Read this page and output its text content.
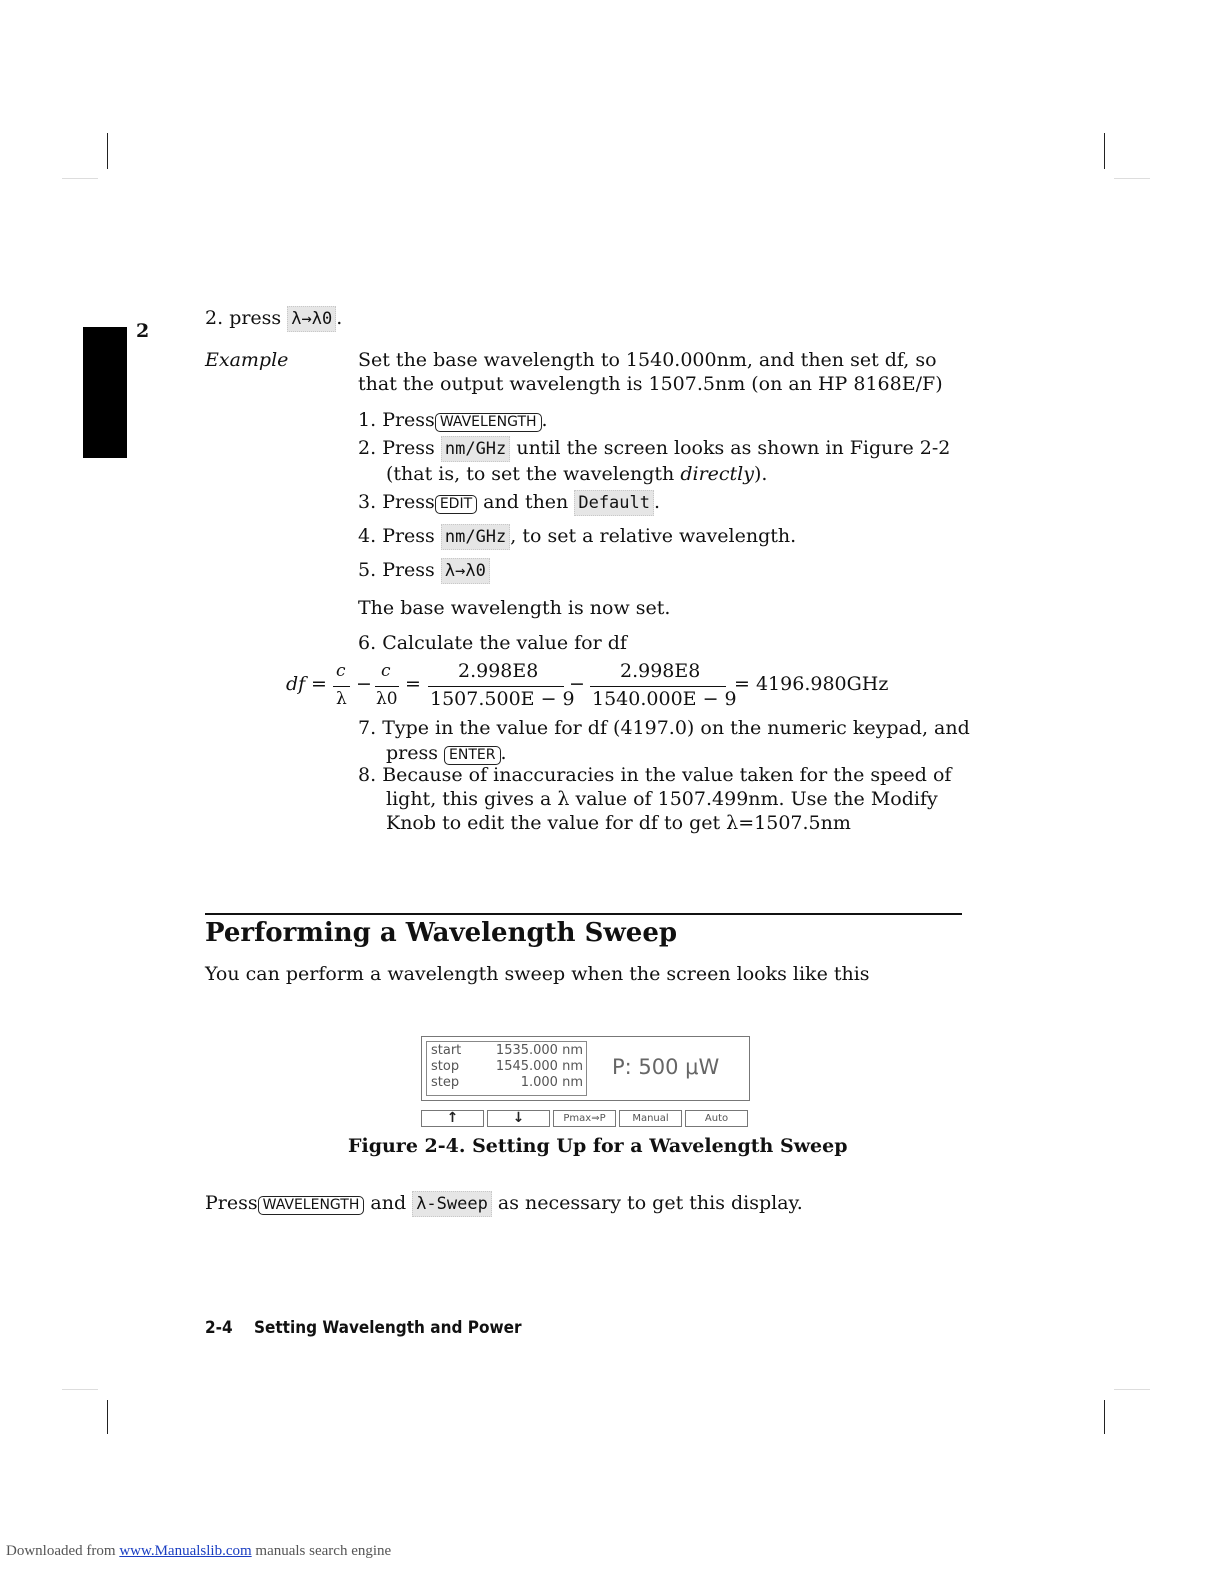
2
2. press λ→λ0 .
Example	Set the base wavelength to 1540.000nm, and then set df, so
that the output wavelength is 1507.5nm (on an HP 8168E/F)
1. Press WAVELENGTH .
2. Press nm/GHz until the screen looks as shown in Figure 2-2
(that is, to set the wavelength directly).
3. Press EDIT and then Default .
4. Press nm/GHz , to set a relative wavelength.
5. Press λ→λ0
The base wavelength is now set.
6. Calculate the value for df
df =
c
λ
−
c
λ0
=
2.998E8
1507.500E − 9
−
2.998E8
1540.000E − 9
= 4196.980GHz
7. Type in the value for df (4197.0) on the numeric keypad, and
press ENTER .
8. Because of inaccuracies in the value taken for the speed of
light, this gives a λ value of 1507.499nm. Use the Modify
Knob to edit the value for df to get λ=1507.5nm
Performing a Wavelength Sweep
You can perform a wavelength sweep when the screen looks like this
start	1535.000 nm
stop	1545.000 nm
step	1.000 nm
P: 500 μW
↑	↓	Pmax⇒P	Manual	Auto
Figure 2-4. Setting Up for a Wavelength Sweep
Press WAVELENGTH and λ-Sweep as necessary to get this display.
2-4 Setting Wavelength and Power
Downloaded from www.Manualslib.com manuals search engine
